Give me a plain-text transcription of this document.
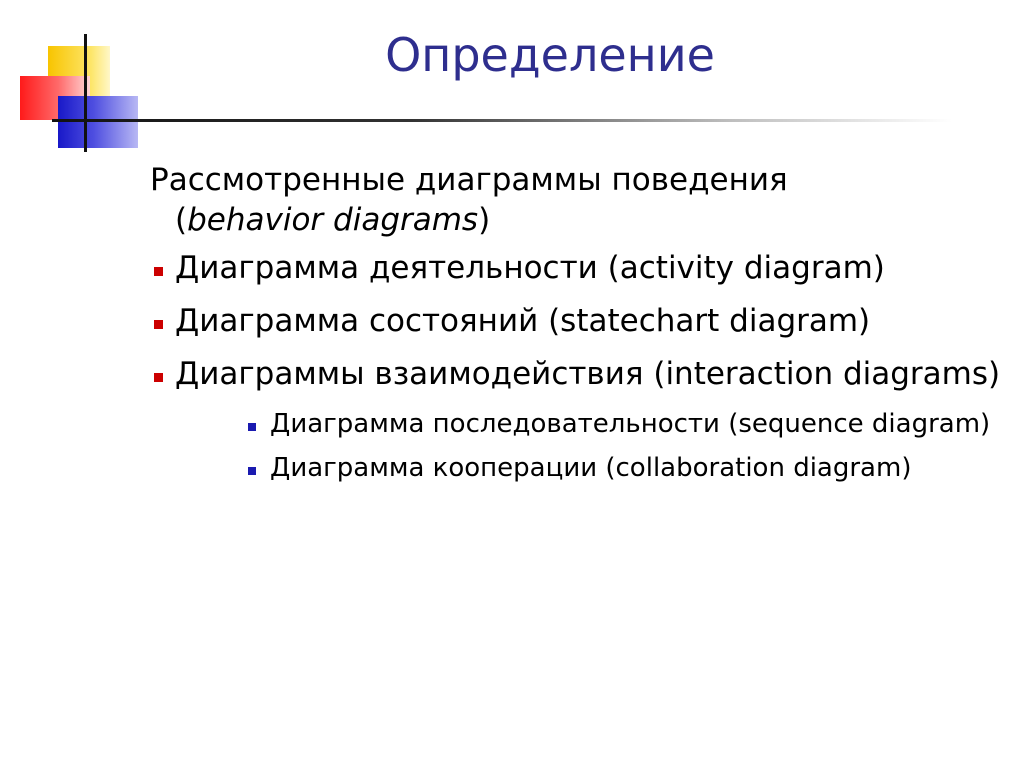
Определение
Рассмотренные диаграммы поведения
(behavior diagrams)
Диаграмма деятельности (activity diagram)
Диаграмма состояний (statechart diagram)
Диаграммы взаимодействия (interaction diagrams)
Диаграмма последовательности (sequence diagram)
Диаграмма кооперации (collaboration diagram)
